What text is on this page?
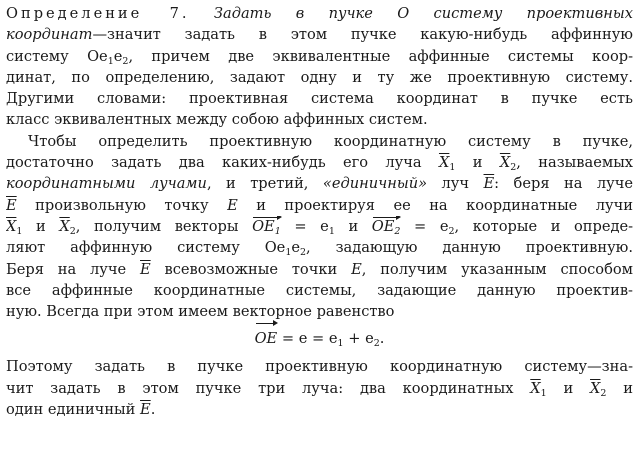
Определение 7. Задать в пучке O систему проективных
координат—значит задать в этом пучке какую-нибудь аффинную
систему $Oe_1e_2$, причем две эквивалентные аффинные системы коор-
динат, по определению, задают одну и ту же проективную систему.
Другими словами: проективная система координат в пучке есть
класс эквивалентных между собою аффинных систем.
Чтобы определить проективную координатную систему в пучке,
достаточно задать два каких-нибудь его луча $\overline{X}_1$ и $\overline{X}_2$, называемых
координатными лучами, и третий, «единичный» луч $\overline{E}$: беря на луче
$\overline{E}$ произвольную точку E и проектируя ее на координатные лучи
$\overline{X}_1$ и $\overline{X}_2$, получим векторы $OE_1 = e_1$ и $OE_2 = e_2$, которые и опреде-
ляют аффинную систему $Oe_1e_2$, задающую данную проективную.
Беря на луче $\overline{E}$ всевозможные точки E, получим указанным способом
все аффинные координатные системы, задающие данную проектив-
ную. Всегда при этом имеем векторное равенство
OE = $e = e_1 + e_2$.
Поэтому задать в пучке проективную координатную систему—зна-
чит задать в этом пучке три луча: два координатных $\overline{X}_1$ и $\overline{X}_2$ и
один единичный $\overline{E}$.
